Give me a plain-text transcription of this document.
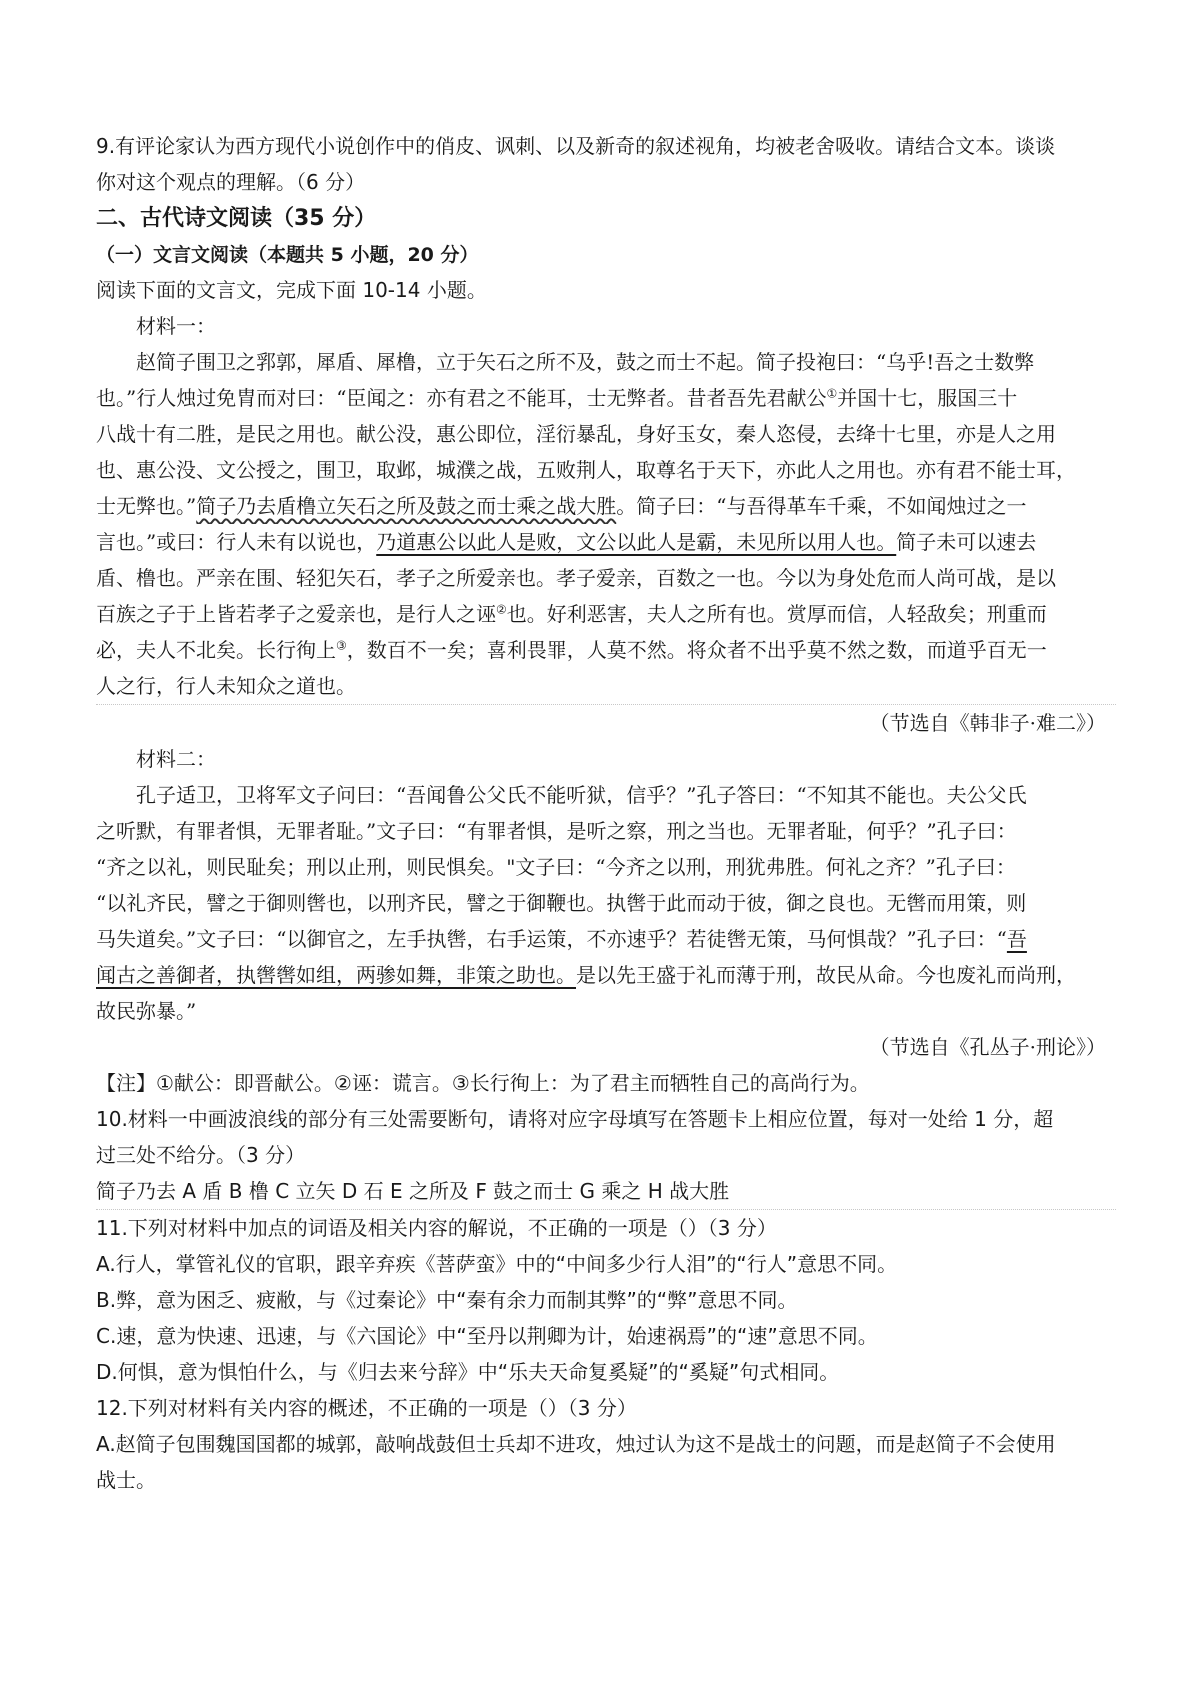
9.有评论家认为西方现代小说创作中的俏皮、讽刺、以及新奇的叙述视角，均被老舍吸收。请结合文本。谈谈
你对这个观点的理解。（6 分）
二、古代诗文阅读（35 分）
（一）文言文阅读（本题共 5 小题，20 分）
阅读下面的文言文，完成下面 10-14 小题。
材料一：
赵简子围卫之郛郭，犀盾、犀橹，立于矢石之所不及，鼓之而士不起。简子投袍曰：“乌乎!吾之士数弊
也。”行人烛过免胄而对曰：“臣闻之：亦有君之不能耳，士无弊者。昔者吾先君献公①并国十七，服国三十
八战十有二胜，是民之用也。献公没，惠公即位，淫衍暴乱，身好玉女，秦人恣侵，去绛十七里，亦是人之用
也、惠公没、文公授之，围卫，取邺，城濮之战，五败荆人，取尊名于天下，亦此人之用也。亦有君不能士耳，
士无弊也。”简子乃去盾橹立矢石之所及鼓之而士乘之战大胜。简子曰：“与吾得革车千乘，不如闻烛过之一
言也。”或曰：行人未有以说也，乃道惠公以此人是败，文公以此人是霸，未见所以用人也。简子未可以速去
盾、橹也。严亲在围、轻犯矢石，孝子之所爱亲也。孝子爱亲，百数之一也。今以为身处危而人尚可战，是以
百族之子于上皆若孝子之爱亲也，是行人之诬②也。好利恶害，夫人之所有也。赏厚而信，人轻敌矣；刑重而
必，夫人不北矣。长行徇上③，数百不一矣；喜利畏罪，人莫不然。将众者不出乎莫不然之数，而道乎百无一
人之行，行人未知众之道也。
（节选自《韩非子·难二》）
材料二：
孔子适卫，卫将军文子问曰：“吾闻鲁公父氏不能听狱，信乎？”孔子答曰：“不知其不能也。夫公父氏
之听默，有罪者惧，无罪者耻。”文子曰：“有罪者惧，是听之察，刑之当也。无罪者耻，何乎？”孔子曰：
“齐之以礼，则民耻矣；刑以止刑，则民惧矣。"文子曰：“今齐之以刑，刑犹弗胜。何礼之齐？”孔子曰：
“以礼齐民，譬之于御则辔也，以刑齐民，譬之于御鞭也。执辔于此而动于彼，御之良也。无辔而用策，则
马失道矣。”文子曰：“以御官之，左手执辔，右手运策，不亦速乎？若徒辔无策，马何惧哉？”孔子曰：“吾
闻古之善御者，执辔辔如组，两骖如舞，非策之助也。是以先王盛于礼而薄于刑，故民从命。今也废礼而尚刑，
故民弥暴。”
（节选自《孔丛子·刑论》）
【注】①献公：即晋献公。②诬：谎言。③长行徇上：为了君主而牺牲自己的高尚行为。
10.材料一中画波浪线的部分有三处需要断句，请将对应字母填写在答题卡上相应位置，每对一处给 1 分，超
过三处不给分。（3 分）
简子乃去 A 盾 B 橹 C 立矢 D 石 E 之所及 F 鼓之而士 G 乘之 H 战大胜
11.下列对材料中加点的词语及相关内容的解说，不正确的一项是（）（3 分）
A.行人，掌管礼仪的官职，跟辛弃疾《菩萨蛮》中的“中间多少行人泪”的“行人”意思不同。
B.弊，意为困乏、疲敝，与《过秦论》中“秦有余力而制其弊”的“弊”意思不同。
C.速，意为快速、迅速，与《六国论》中“至丹以荆卿为计，始速祸焉”的“速”意思不同。
D.何惧，意为惧怕什么，与《归去来兮辞》中“乐夫天命复奚疑”的“奚疑”句式相同。
12.下列对材料有关内容的概述，不正确的一项是（）（3 分）
A.赵简子包围魏国国都的城郭，敲响战鼓但士兵却不进攻，烛过认为这不是战士的问题，而是赵简子不会使用
战士。
